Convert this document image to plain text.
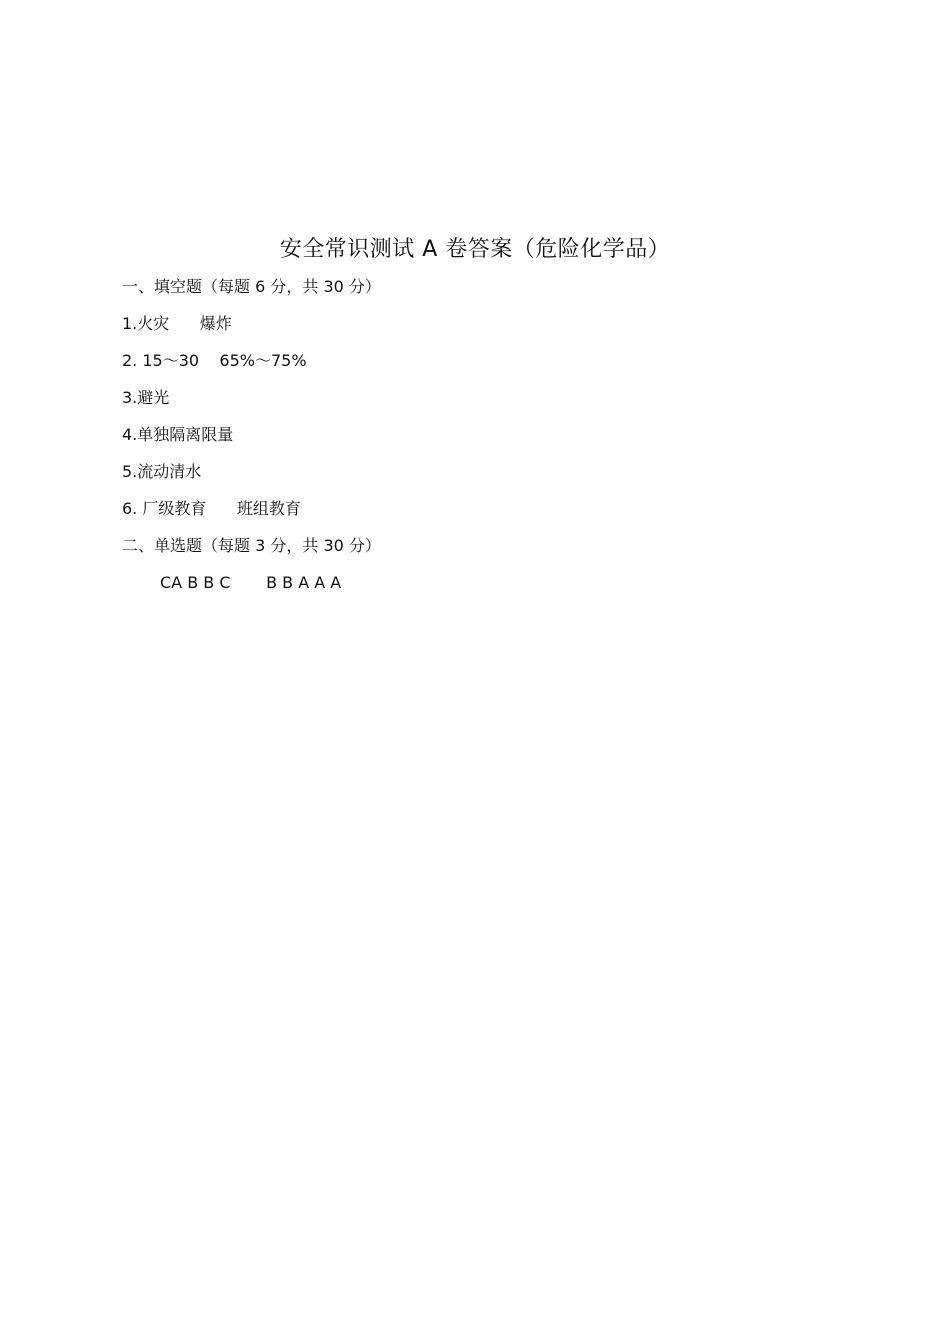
安全常识测试 A 卷答案（危险化学品）
一、填空题（每题 6 分，共 30 分）
1.火灾      爆炸
2. 15～30    65%～75%
3.避光
4.单独隔离限量
5.流动清水
6. 厂级教育      班组教育
二、单选题（每题 3 分，共 30 分）
CA B B C       B B A A A
